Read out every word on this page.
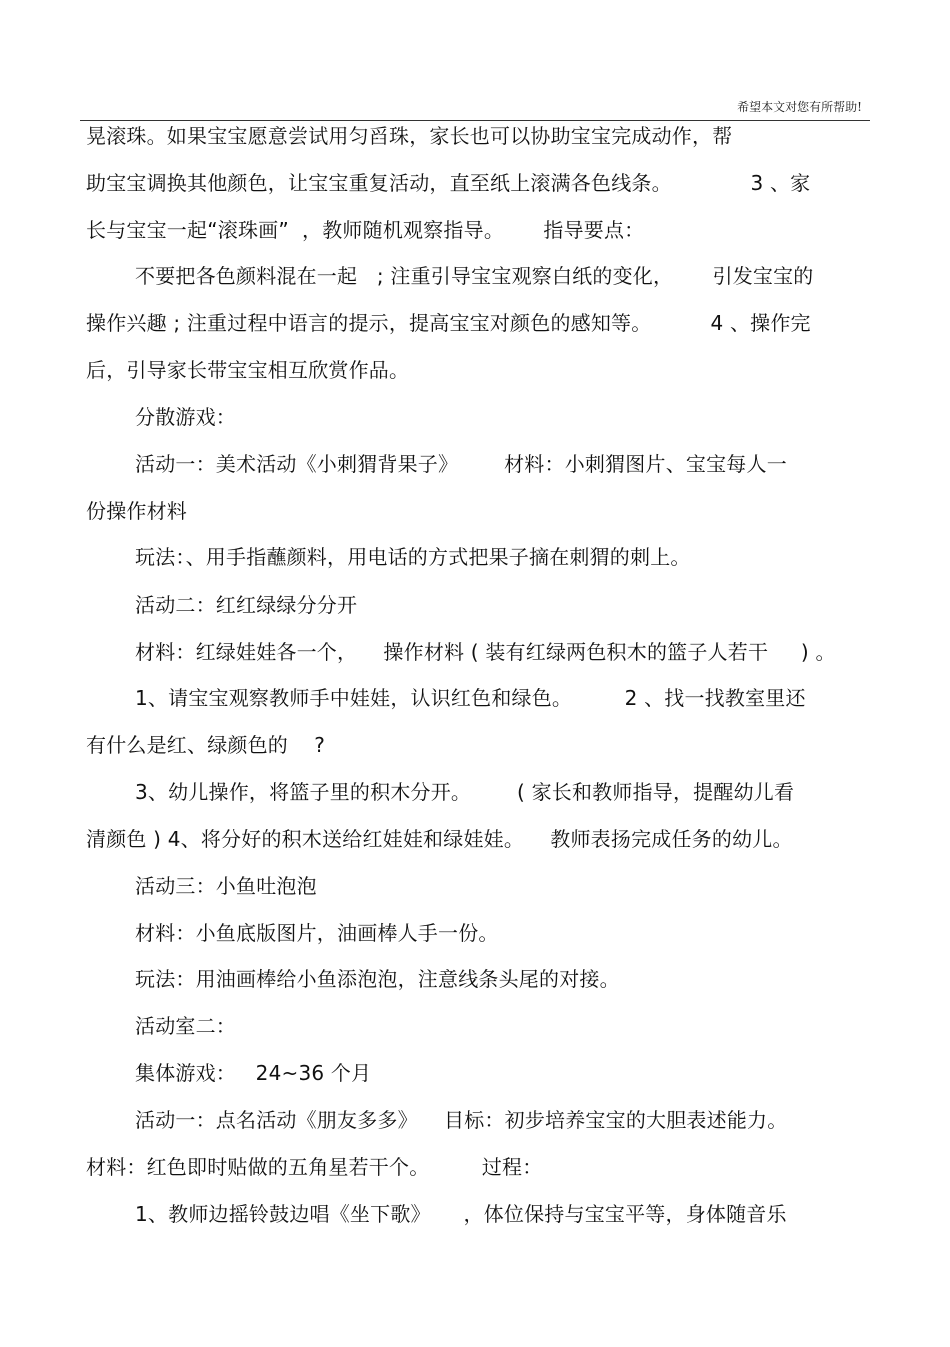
希望本文对您有所帮助!
晃滚珠。如果宝宝愿意尝试用匀舀珠，家长也可以协助宝宝完成动作，帮
助宝宝调换其他颜色，让宝宝重复活动，直至纸上滚满各色线条。            3 、家
长与宝宝一起“滚珠画”  ，教师随机观察指导。      指导要点：
不要把各色颜料混在一起   ; 注重引导宝宝观察白纸的变化，      引发宝宝的
操作兴趣 ; 注重过程中语言的提示，提高宝宝对颜色的感知等。         4 、操作完
后，引导家长带宝宝相互欣赏作品。
分散游戏：
活动一：美术活动《小刺猬背果子》       材料：小刺猬图片、宝宝每人一
份操作材料
玩法：、用手指蘸颜料，用电话的方式把果子摘在刺猬的刺上。
活动二：红红绿绿分分开
材料：红绿娃娃各一个，    操作材料 ( 装有红绿两色积木的篮子人若干     ) 。
1、请宝宝观察教师手中娃娃，认识红色和绿色。        2 、找一找教室里还
有什么是红、绿颜色的    ?
3、幼儿操作，将篮子里的积木分开。       ( 家长和教师指导，提醒幼儿看
清颜色 ) 4、将分好的积木送给红娃娃和绿娃娃。    教师表扬完成任务的幼儿。
活动三：小鱼吐泡泡
材料：小鱼底版图片，油画棒人手一份。
玩法：用油画棒给小鱼添泡泡，注意线条头尾的对接。
活动室二：
集体游戏：   24~36 个月
活动一：点名活动《朋友多多》    目标：初步培养宝宝的大胆表述能力。
材料：红色即时贴做的五角星若干个。        过程：
1、教师边摇铃鼓边唱《坐下歌》     ，体位保持与宝宝平等，身体随音乐
